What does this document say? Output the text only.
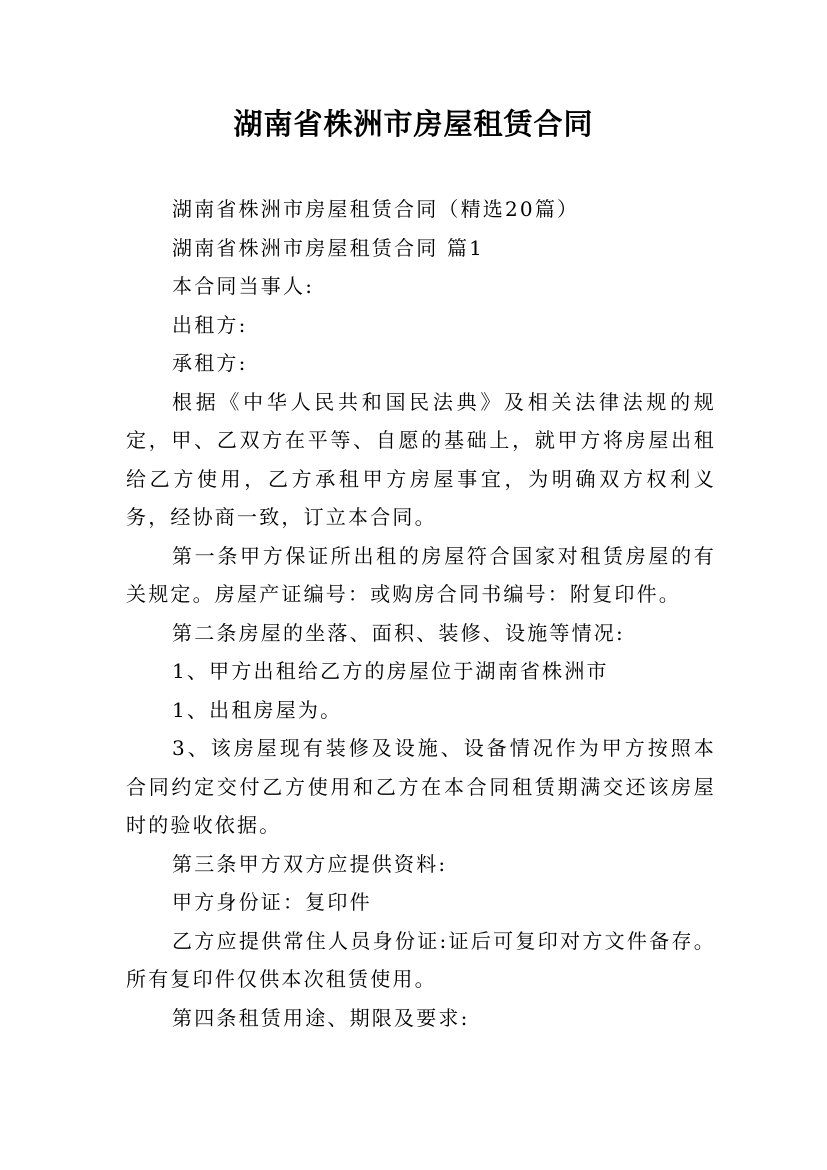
湖南省株洲市房屋租赁合同

湖南省株洲市房屋租赁合同（精选20篇）

湖南省株洲市房屋租赁合同 篇1

本合同当事人:

出租方:

承租方:

根据《中华人民共和国民法典》及相关法律法规的规定，甲、乙双方在平等、自愿的基础上，就甲方将房屋出租给乙方使用，乙方承租甲方房屋事宜，为明确双方权利义务，经协商一致，订立本合同。

第一条甲方保证所出租的房屋符合国家对租赁房屋的有关规定。房屋产证编号：或购房合同书编号：附复印件。

第二条房屋的坐落、面积、装修、设施等情况:

1、甲方出租给乙方的房屋位于湖南省株洲市

1、出租房屋为。

3、该房屋现有装修及设施、设备情况作为甲方按照本合同约定交付乙方使用和乙方在本合同租赁期满交还该房屋时的验收依据。

第三条甲方双方应提供资料:

甲方身份证：复印件

乙方应提供常住人员身份证:证后可复印对方文件备存。所有复印件仅供本次租赁使用。

第四条租赁用途、期限及要求:
